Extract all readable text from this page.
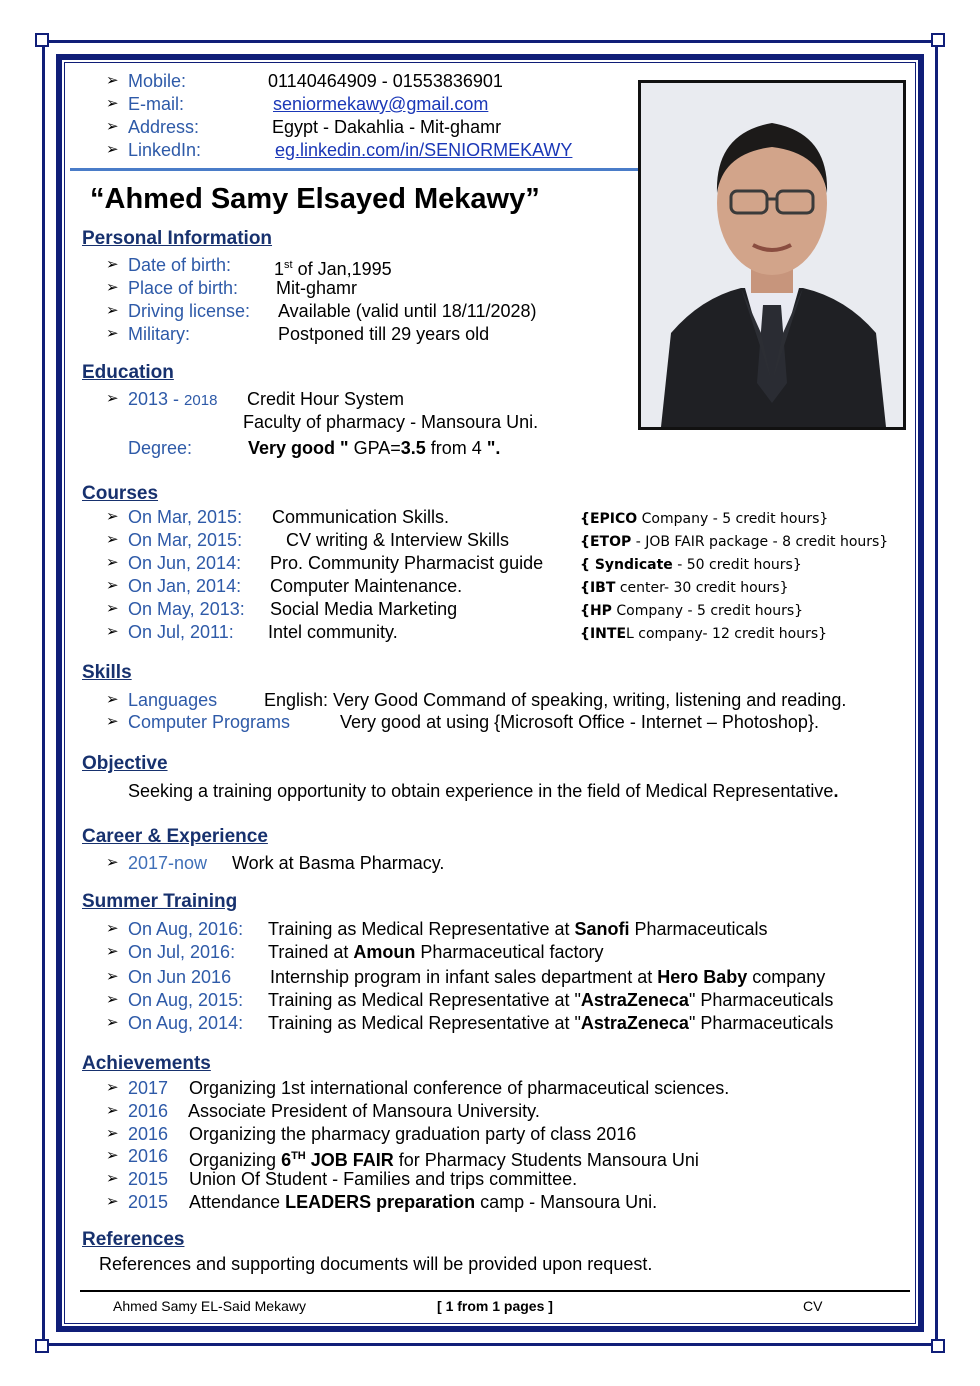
➢ Mobile:	01140464909 - 01553836901
➢ E-mail:	seniormekawy@gmail.com
➢ Address:	Egypt - Dakahlia - Mit-ghamr
➢ LinkedIn:	eg.linkedin.com/in/SENIORMEKAWY
“Ahmed Samy Elsayed Mekawy”
Personal Information
➢ Date of birth: 1st of Jan,1995
➢ Place of birth: Mit-ghamr
➢ Driving license: Available (valid until 18/11/2028)
➢ Military:	Postponed till 29 years old
Education
➢ 2013 - 2018 Credit Hour System
Faculty of pharmacy - Mansoura Uni.
Degree:	Very good " GPA=3.5 from 4 ".
Courses
➢ On Mar, 2015: Communication Skills.	{EPICO Company - 5 credit hours}
➢ On Mar, 2015: CV writing & Interview Skills	{ETOP - JOB FAIR package - 8 credit hours}
➢ On Jun, 2014: Pro. Community Pharmacist guide	{ Syndicate - 50 credit hours}
➢ On Jan, 2014: Computer Maintenance.	{IBT center- 30 credit hours}
➢ On May, 2013: Social Media Marketing	{HP Company - 5 credit hours}
➢ On Jul, 2011: Intel community.	{INTEL company- 12 credit hours}
Skills
➢ Languages	English: Very Good Command of speaking, writing, listening and reading.
➢ Computer Programs	Very good at using {Microsoft Office - Internet – Photoshop}.
Objective
Seeking a training opportunity to obtain experience in the field of Medical Representative.
Career & Experience
➢ 2017-now Work at Basma Pharmacy.
Summer Training
➢ On Aug, 2016: Training as Medical Representative at Sanofi Pharmaceuticals
➢ On Jul, 2016: Trained at Amoun Pharmaceutical factory
➢ On Jun 2016 Internship program in infant sales department at Hero Baby company
➢ On Aug, 2015: Training as Medical Representative at "AstraZeneca" Pharmaceuticals
➢ On Aug, 2014: Training as Medical Representative at "AstraZeneca" Pharmaceuticals
Achievements
➢ 2017 Organizing 1st international conference of pharmaceutical sciences.
➢ 2016 Associate President of Mansoura University.
➢ 2016 Organizing the pharmacy graduation party of class 2016
➢ 2016 Organizing 6TH JOB FAIR for Pharmacy Students Mansoura Uni
➢ 2015 Union Of Student - Families and trips committee.
➢ 2015 Attendance LEADERS preparation camp - Mansoura Uni.
References
References and supporting documents will be provided upon request.
Ahmed Samy EL-Said Mekawy	[ 1 from 1 pages ]	CV
